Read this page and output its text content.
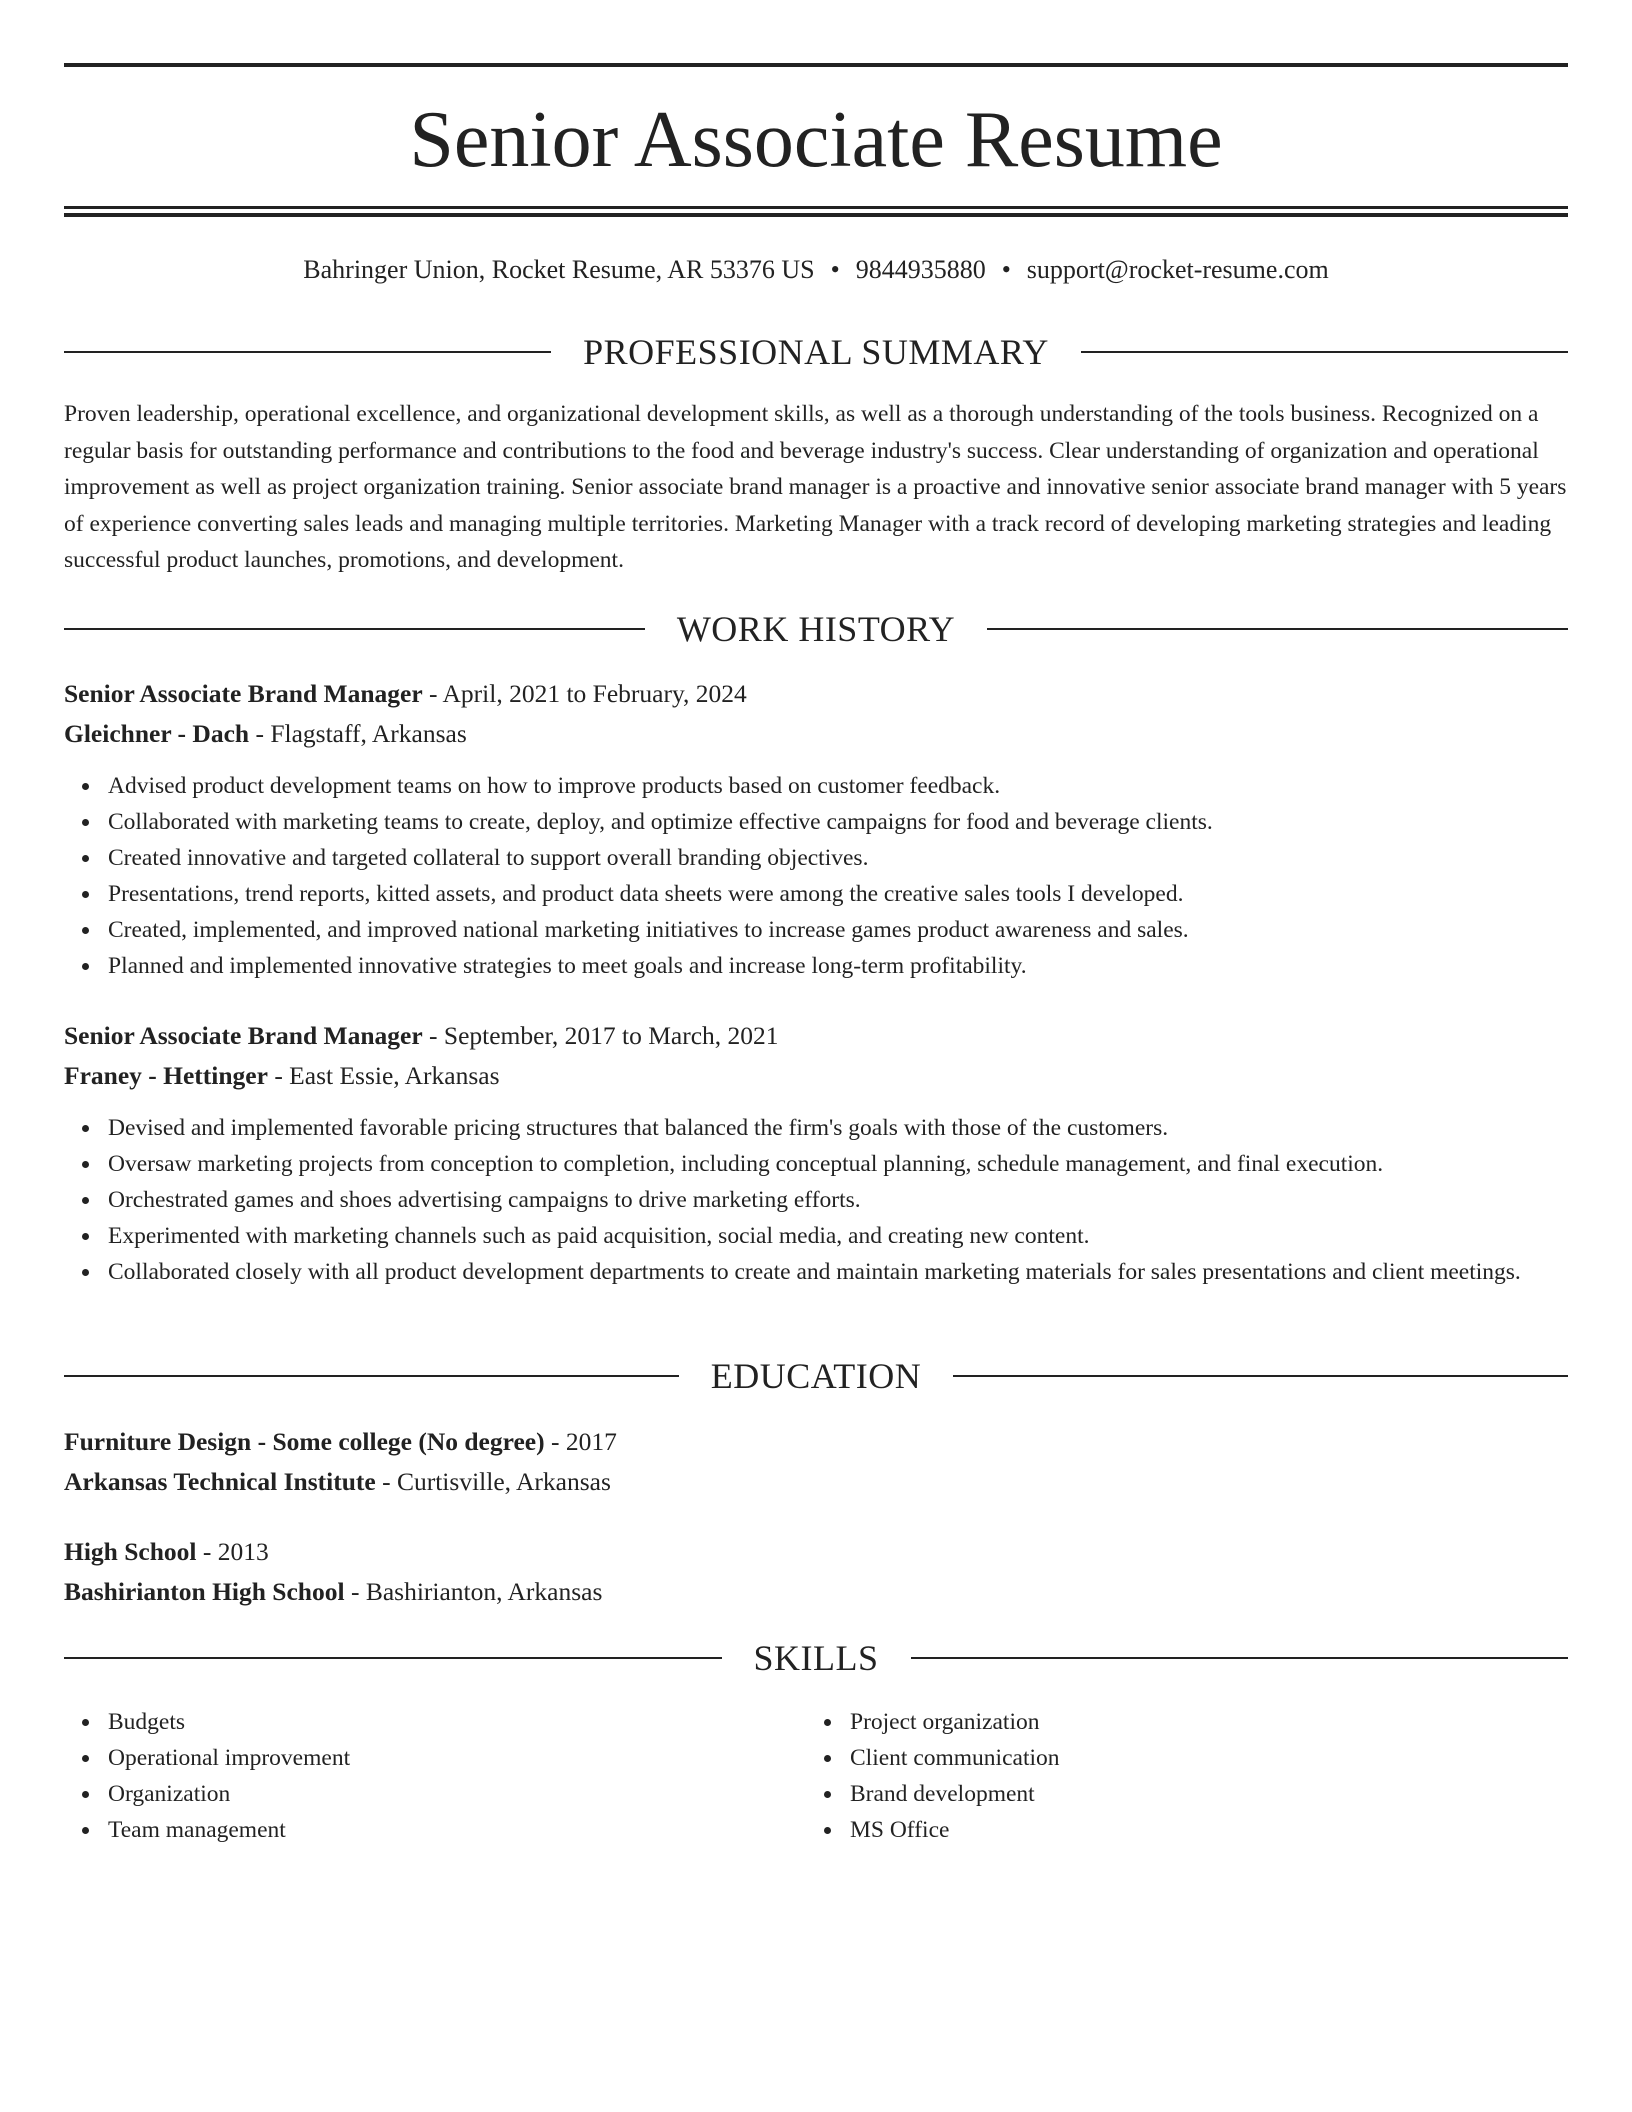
Senior Associate Resume
Bahringer Union, Rocket Resume, AR 53376 US • 9844935880 • support@rocket-resume.com
PROFESSIONAL SUMMARY

Proven leadership, operational excellence, and organizational development skills, as well as a thorough understanding of the tools business. Recognized on a regular basis for outstanding performance and contributions to the food and beverage industry's success. Clear understanding of organization and operational improvement as well as project organization training. Senior associate brand manager is a proactive and innovative senior associate brand manager with 5 years of experience converting sales leads and managing multiple territories. Marketing Manager with a track record of developing marketing strategies and leading successful product launches, promotions, and development.

WORK HISTORY

Senior Associate Brand Manager - April, 2021 to February, 2024

Gleichner - Dach - Flagstaff, Arkansas

Advised product development teams on how to improve products based on customer feedback.
Collaborated with marketing teams to create, deploy, and optimize effective campaigns for food and beverage clients.
Created innovative and targeted collateral to support overall branding objectives.
Presentations, trend reports, kitted assets, and product data sheets were among the creative sales tools I developed.
Created, implemented, and improved national marketing initiatives to increase games product awareness and sales.
Planned and implemented innovative strategies to meet goals and increase long-term profitability.

Senior Associate Brand Manager - September, 2017 to March, 2021

Franey - Hettinger - East Essie, Arkansas

Devised and implemented favorable pricing structures that balanced the firm's goals with those of the customers.
Oversaw marketing projects from conception to completion, including conceptual planning, schedule management, and final execution.
Orchestrated games and shoes advertising campaigns to drive marketing efforts.
Experimented with marketing channels such as paid acquisition, social media, and creating new content.
Collaborated closely with all product development departments to create and maintain marketing materials for sales presentations and client meetings.
EDUCATION

Furniture Design - Some college (No degree) - 2017

Arkansas Technical Institute - Curtisville, Arkansas

High School - 2013

Bashirianton High School - Bashirianton, Arkansas

SKILLS
Budgets
Operational improvement
Organization
Team management
Project organization
Client communication
Brand development
MS Office
